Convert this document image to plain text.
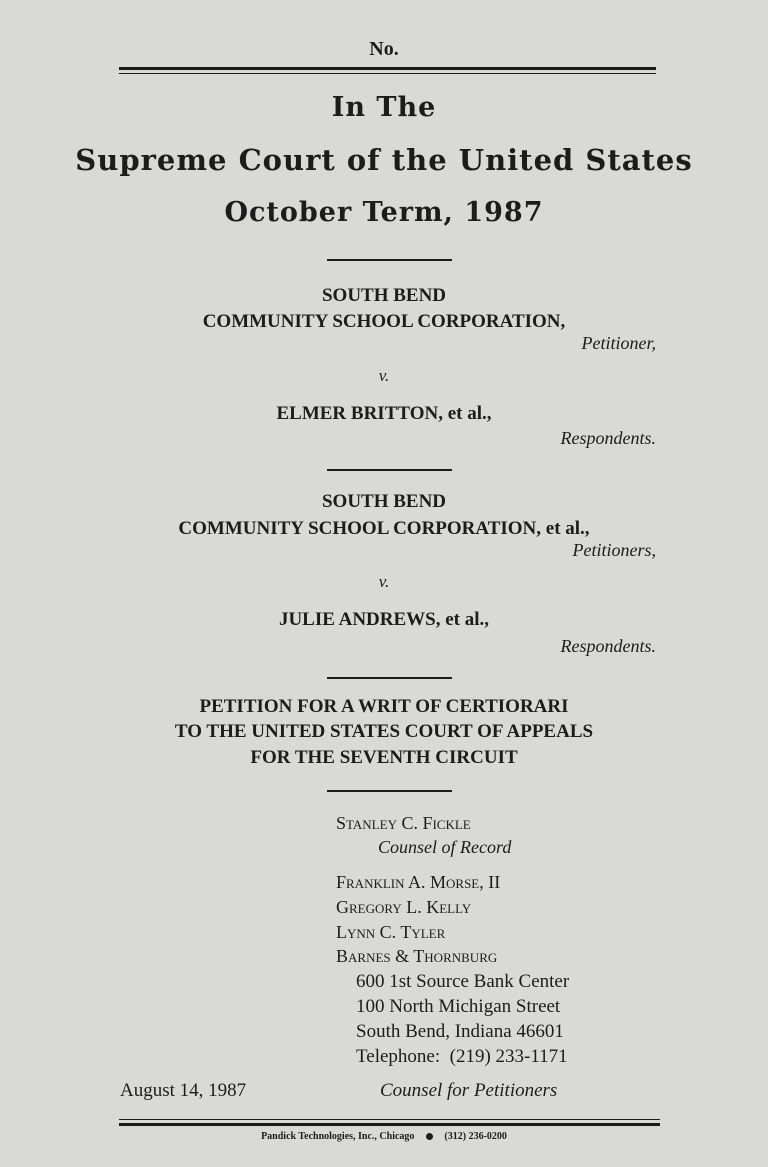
No.
In The
Supreme Court of the United States
October Term, 1987
SOUTH BEND
COMMUNITY SCHOOL CORPORATION,
Petitioner,
v.
ELMER BRITTON, et al.,
Respondents.
SOUTH BEND
COMMUNITY SCHOOL CORPORATION, et al.,
Petitioners,
v.
JULIE ANDREWS, et al.,
Respondents.
PETITION FOR A WRIT OF CERTIORARI
TO THE UNITED STATES COURT OF APPEALS
FOR THE SEVENTH CIRCUIT
Stanley C. Fickle
Counsel of Record
Franklin A. Morse, II
Gregory L. Kelly
Lynn C. Tyler
Barnes & Thornburg
600 1st Source Bank Center
100 North Michigan Street
South Bend, Indiana 46601
Telephone:  (219) 233-1171
August 14, 1987	Counsel for Petitioners
Pandick Technologies, Inc., Chicago	(312) 236-0200
